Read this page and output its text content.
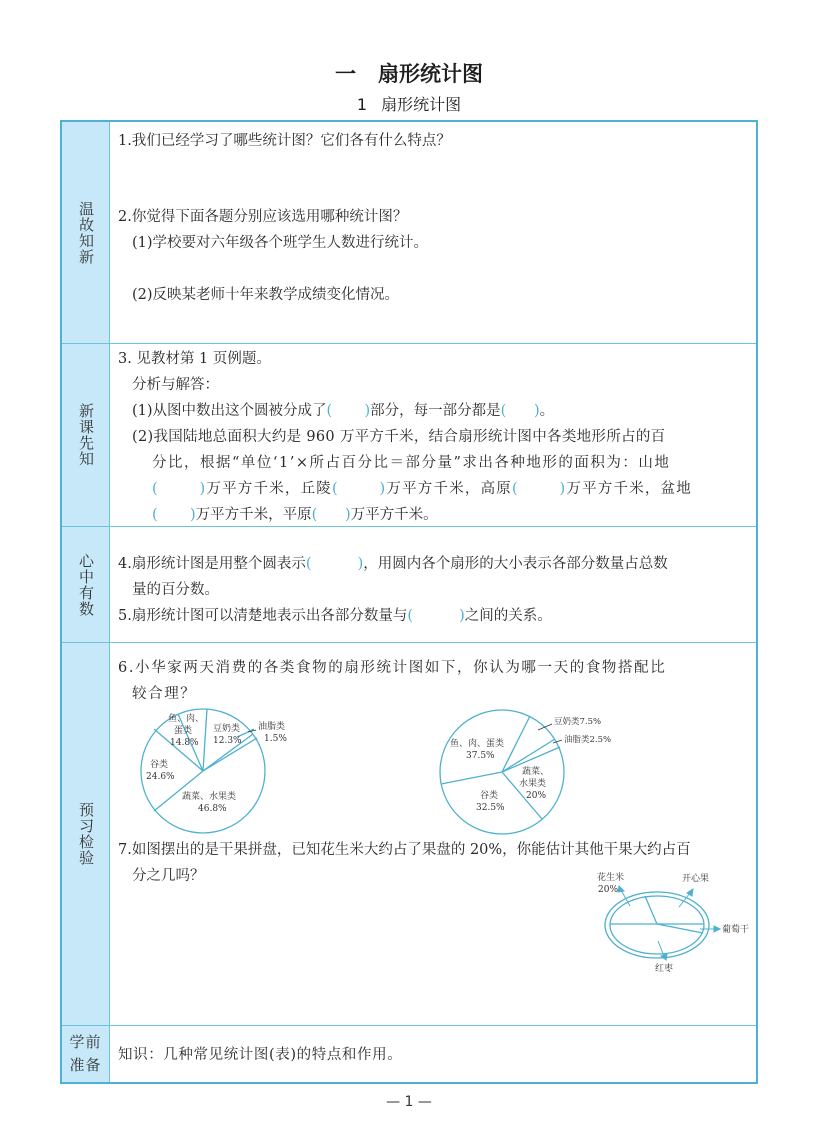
一 扇形统计图
1 扇形统计图
温故知新
1.我们已经学习了哪些统计图？它们各有什么特点？
2.你觉得下面各题分别应该选用哪种统计图？
(1)学校要对六年级各个班学生人数进行统计。
(2)反映某老师十年来教学成绩变化情况。
新课先知
3. 见教材第 1 页例题。
分析与解答：
(1)从图中数出这个圆被分成了( )部分，每一部分都是( )。
(2)我国陆地总面积大约是 960 万平方千米，结合扇形统计图中各类地形所占的百
分比，根据“单位‘1’×所占百分比＝部分量”求出各种地形的面积为：山地
(	)万平方千米，丘陵(	)万平方千米，高原(	)万平方千米，盆地
( )万平方千米，平原( )万平方千米。
心中有数 4.扇形统计图是用整个圆表示(	)，用圆内各个扇形的大小表示各部分数量占总数
量的百分数。
5.扇形统计图可以清楚地表示出各部分数量与(	)之间的关系。
预习检验
6.小华家两天消费的各类食物的扇形统计图如下，你认为哪一天的食物搭配比
较合理？
鱼、肉、
蛋类
14.8%
豆奶类
12.3%
油脂类
1.5%
谷类
24.6%
蔬菜、水果类
46.8%
豆奶类7.5%
油脂类2.5%
鱼、肉、蛋类
37.5%
蔬菜、
水果类
20%
谷类
32.5%
7.如图摆出的是干果拼盘，已知花生米大约占了果盘的 20%，你能估计其他干果大约占百
分之几吗？	花生米
20%
开心果
葡萄干
红枣
学前
准备
知识：几种常见统计图(表)的特点和作用。
— 1 —
